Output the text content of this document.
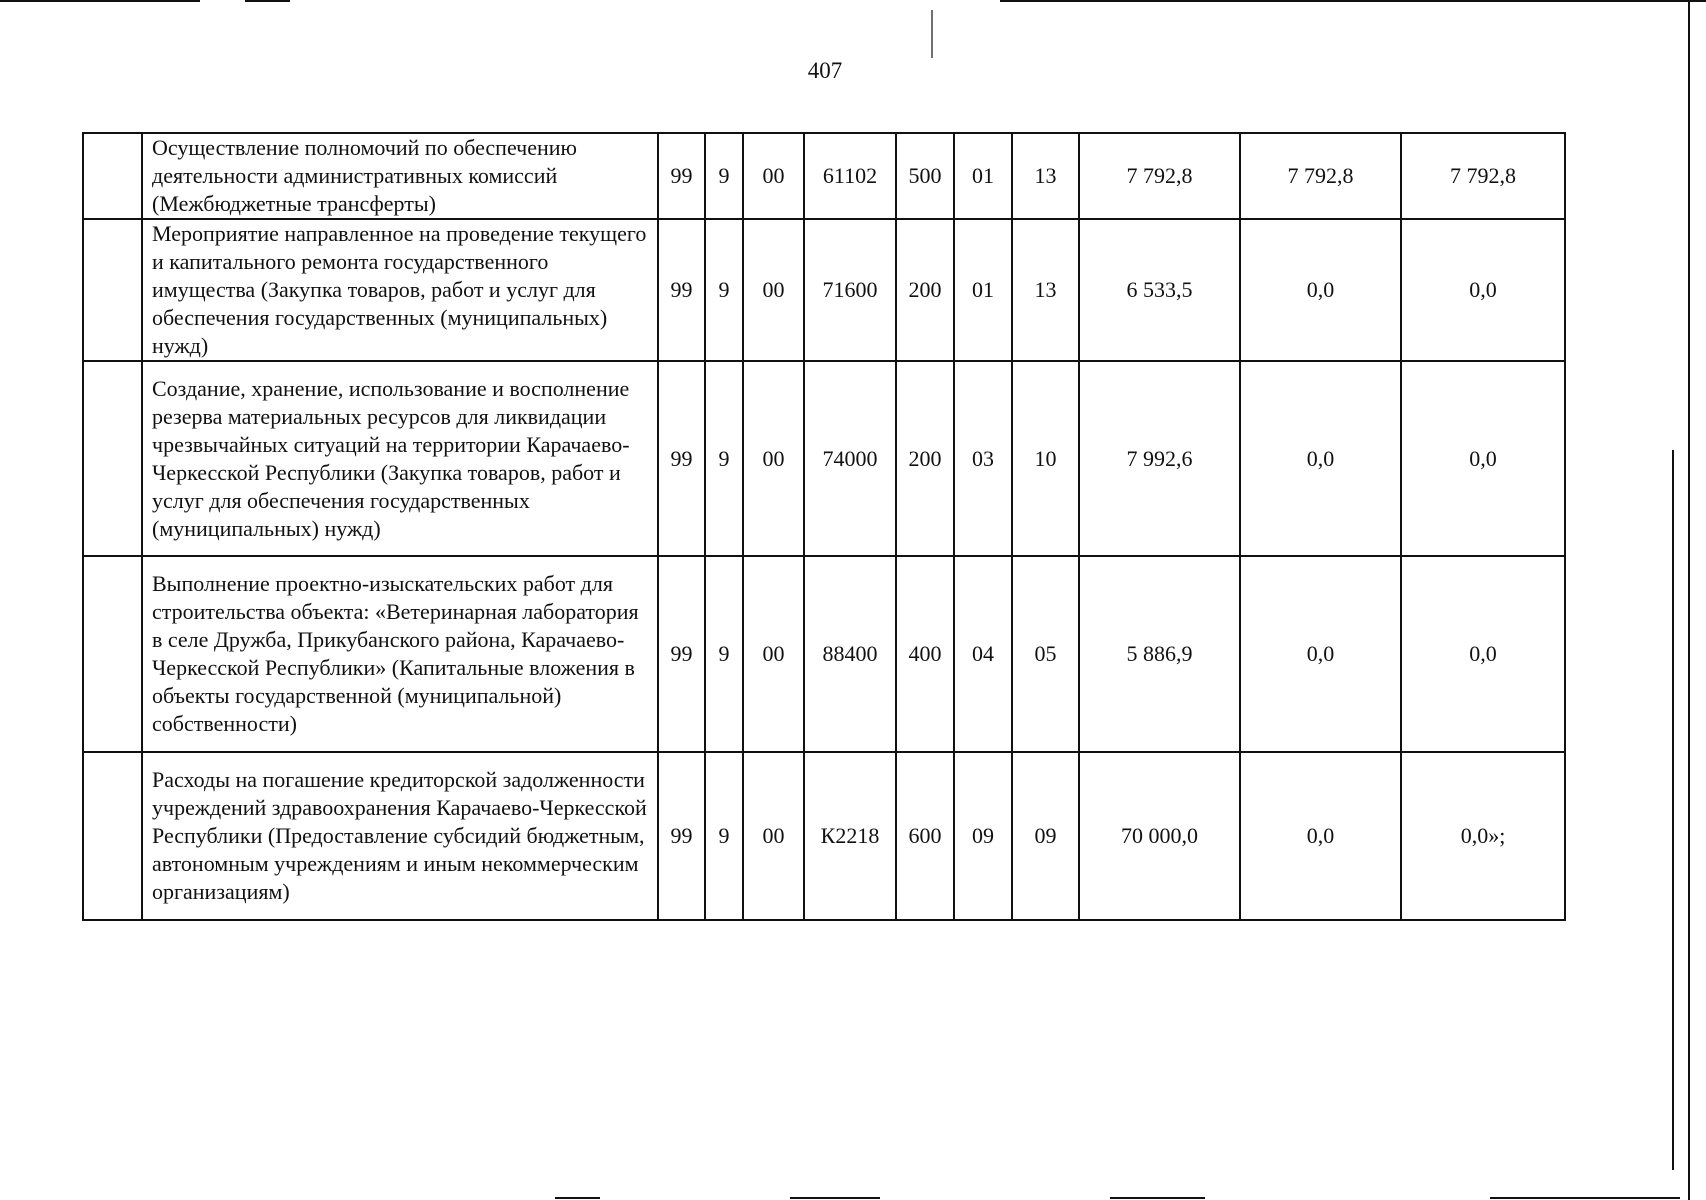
407
	Осуществление полномочий по обеспечению деятельности административных комиссий (Межбюджетные трансферты)	99	9	00	61102	500	01	13	7 792,8	7 792,8	7 792,8
	Мероприятие направленное на проведение текущего и капитального ремонта государственного имущества (Закупка товаров, работ и услуг для обеспечения государственных (муниципальных) нужд)	99	9	00	71600	200	01	13	6 533,5	0,0	0,0
	Создание, хранение, использование и восполнение резерва материальных ресурсов для ликвидации чрезвычайных ситуаций на территории Карачаево-Черкесской Республики (Закупка товаров, работ и услуг для обеспечения государственных (муниципальных) нужд)	99	9	00	74000	200	03	10	7 992,6	0,0	0,0
	Выполнение проектно-изыскательских работ для строительства объекта: «Ветеринарная лаборатория в селе Дружба, Прикубанского района, Карачаево-Черкесской Республики» (Капитальные вложения в объекты государственной (муниципальной) собственности)	99	9	00	88400	400	04	05	5 886,9	0,0	0,0
	Расходы на погашение кредиторской задолженности учреждений здравоохранения Карачаево-Черкесской Республики (Предоставление субсидий бюджетным, автономным учреждениям и иным некоммерческим организациям)	99	9	00	К2218	600	09	09	70 000,0	0,0	0,0»;
